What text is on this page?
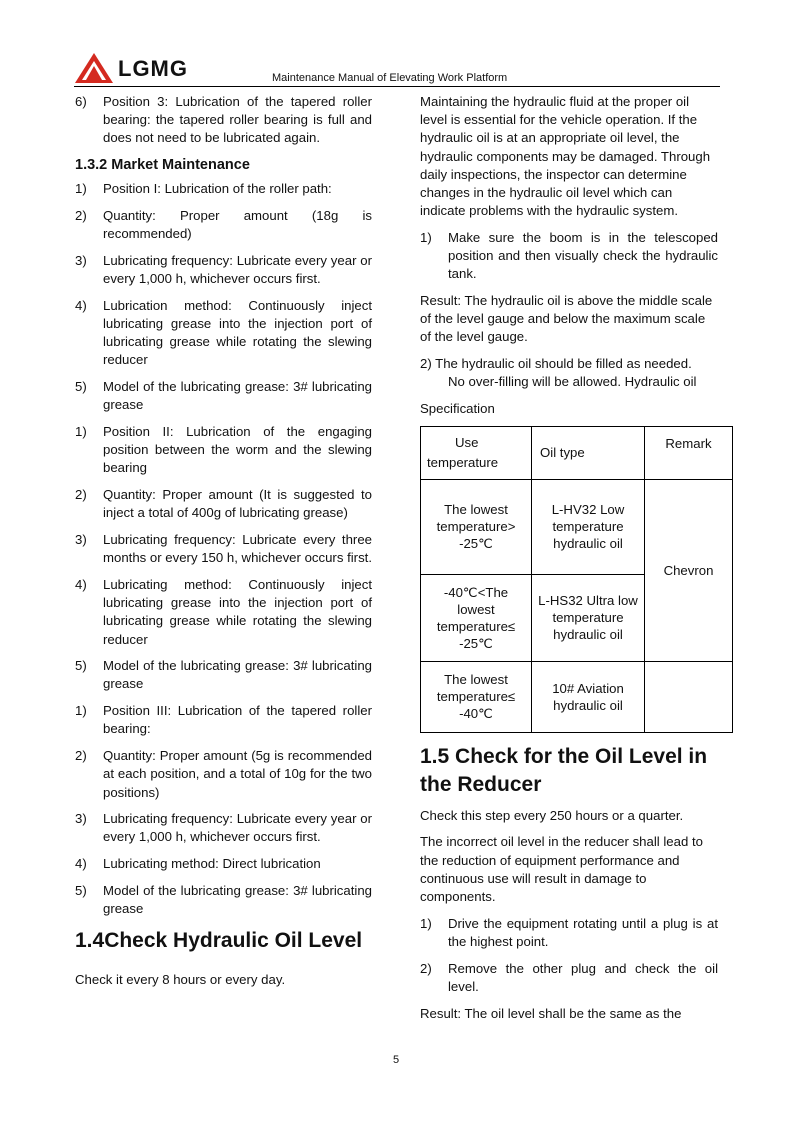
LGMG	Maintenance Manual of Elevating Work Platform
6)	Position 3: Lubrication of the tapered roller bearing: the tapered roller bearing is full and does not need to be lubricated again.
1.3.2 Market Maintenance
1)	Position I: Lubrication of the roller path:
2)	Quantity: Proper amount (18g is recommended)
3)	Lubricating frequency: Lubricate every year or every 1,000 h, whichever occurs first.
4)	Lubrication method: Continuously inject lubricating grease into the injection port of lubricating grease while rotating the slewing reducer
5)	Model of the lubricating grease: 3# lubricating grease
1)	Position II: Lubrication of the engaging position between the worm and the slewing bearing
2)	Quantity: Proper amount (It is suggested to inject a total of 400g of lubricating grease)
3)	Lubricating frequency: Lubricate every three months or every 150 h, whichever occurs first.
4)	Lubricating method: Continuously inject lubricating grease into the injection port of lubricating grease while rotating the slewing reducer
5)	Model of the lubricating grease: 3# lubricating grease
1)	Position III: Lubrication of the tapered roller bearing:
2)	Quantity: Proper amount (5g is recommended at each position, and a total of 10g for the two positions)
3)	Lubricating frequency: Lubricate every year or every 1,000 h, whichever occurs first.
4)	Lubricating method: Direct lubrication
5)	Model of the lubricating grease: 3# lubricating grease
1.4Check Hydraulic Oil Level

Check it every 8 hours or every day.

Maintaining the hydraulic fluid at the proper oil level is essential for the vehicle operation. If the hydraulic oil is at an appropriate oil level, the hydraulic components may be damaged. Through daily inspections, the inspector can determine changes in the hydraulic oil level which can indicate problems with the hydraulic system.

1)	Make sure the boom is in the telescoped position and then visually check the hydraulic tank.

Result: The hydraulic oil is above the middle scale of the level gauge and below the maximum scale of the level gauge.

2) The hydraulic oil should be filled as needed.

No over-filling will be allowed. Hydraulic oil

Specification

Use
temperature	Oil type	Remark
The lowest temperature> -25℃	L-HV32 Low temperature hydraulic oil	Chevron
-40℃<The lowest temperature≤ -25℃	L-HS32 Ultra low temperature hydraulic oil	
The lowest temperature≤ -40℃	10# Aviation hydraulic oil	
1.5 Check for the Oil Level in the Reducer

Check this step every 250 hours or a quarter.

The incorrect oil level in the reducer shall lead to the reduction of equipment performance and continuous use will result in damage to components.

1)	Drive the equipment rotating until a plug is at the highest point.
2)	Remove the other plug and check the oil level.

Result: The oil level shall be the same as the

5
